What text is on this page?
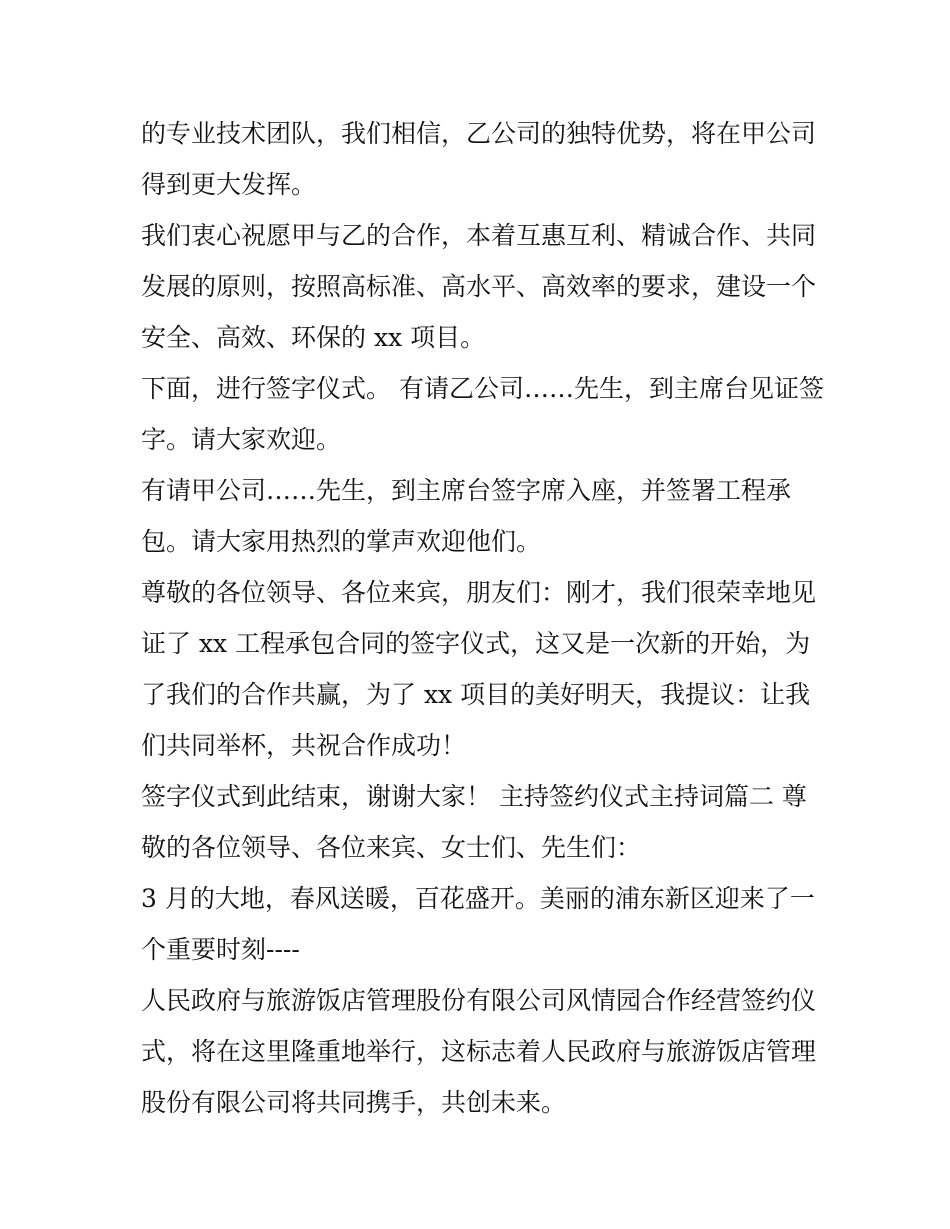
的专业技术团队，我们相信，乙公司的独特优势，将在甲公司
得到更大发挥。
我们衷心祝愿甲与乙的合作，本着互惠互利、精诚合作、共同
发展的原则，按照高标准、高水平、高效率的要求，建设一个
安全、高效、环保的 xx 项目。
下面，进行签字仪式。 有请乙公司……先生，到主席台见证签
字。请大家欢迎。
有请甲公司……先生，到主席台签字席入座，并签署工程承
包。请大家用热烈的掌声欢迎他们。
尊敬的各位领导、各位来宾，朋友们：刚才，我们很荣幸地见
证了 xx 工程承包合同的签字仪式，这又是一次新的开始，为
了我们的合作共赢，为了 xx 项目的美好明天，我提议：让我
们共同举杯，共祝合作成功！
签字仪式到此结束，谢谢大家！ 主持签约仪式主持词篇二 尊
敬的各位领导、各位来宾、女士们、先生们：
3 月的大地，春风送暖，百花盛开。美丽的浦东新区迎来了一
个重要时刻----
人民政府与旅游饭店管理股份有限公司风情园合作经营签约仪
式，将在这里隆重地举行，这标志着人民政府与旅游饭店管理
股份有限公司将共同携手，共创未来。
